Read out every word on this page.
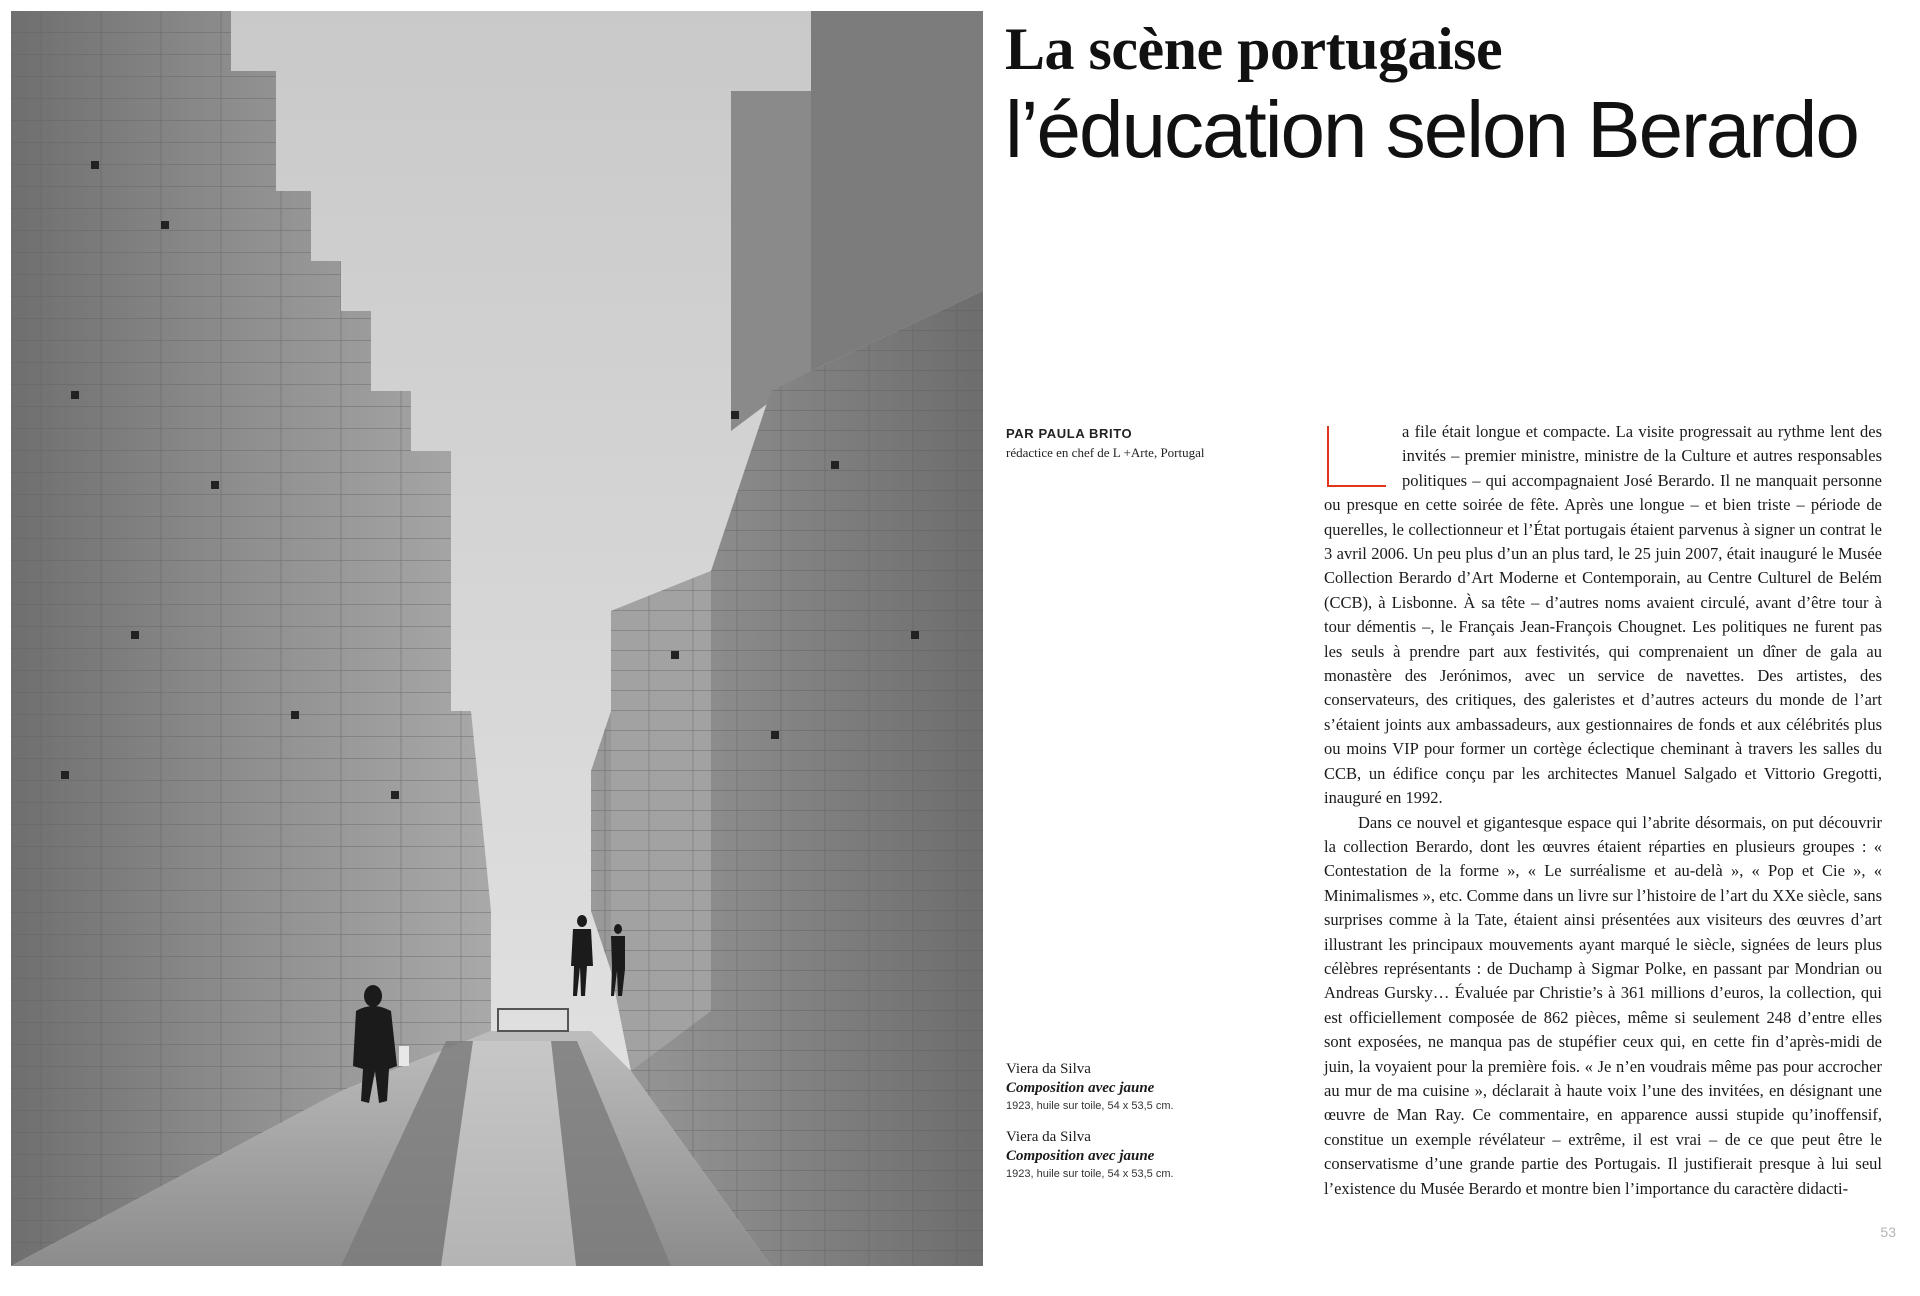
La scène portugaise
l’éducation selon Berardo
PAR PAULA BRITO
rédactice en chef de L +Arte, Portugal
Viera da Silva
Composition avec jaune
1923, huile sur toile, 54 x 53,5 cm.
Viera da Silva
Composition avec jaune
1923, huile sur toile, 54 x 53,5 cm.

a file était longue et compacte. La visite progressait au rythme lent des invités – premier ministre, ministre de la Culture et autres responsables politiques – qui accompagnaient José Berardo. Il ne manquait personne ou presque en cette soirée de fête. Après une longue – et bien triste – période de querelles, le collectionneur et l’État portugais étaient parvenus à signer un contrat le 3 avril 2006. Un peu plus d’un an plus tard, le 25 juin 2007, était inauguré le Musée Collection Berardo d’Art Moderne et Contemporain, au Centre Culturel de Belém (CCB), à Lisbonne. À sa tête – d’autres noms avaient circulé, avant d’être tour à tour démentis –, le Français Jean-François Chougnet. Les politiques ne furent pas les seuls à prendre part aux festivités, qui comprenaient un dîner de gala au monastère des Jerónimos, avec un service de navettes. Des artistes, des conservateurs, des critiques, des galeristes et d’autres acteurs du monde de l’art s’étaient joints aux ambassadeurs, aux gestionnaires de fonds et aux célébrités plus ou moins VIP pour former un cortège éclectique cheminant à travers les salles du CCB, un édifice conçu par les architectes Manuel Salgado et Vittorio Gregotti, inauguré en 1992.

Dans ce nouvel et gigantesque espace qui l’abrite désormais, on put découvrir la collection Berardo, dont les œuvres étaient réparties en plusieurs groupes : « Contestation de la forme », « Le surréalisme et au-delà », « Pop et Cie », « Minimalismes », etc. Comme dans un livre sur l’histoire de l’art du XXe siècle, sans surprises comme à la Tate, étaient ainsi présentées aux visiteurs des œuvres d’art illustrant les principaux mouvements ayant marqué le siècle, signées de leurs plus célèbres représentants : de Duchamp à Sigmar Polke, en passant par Mondrian ou Andreas Gursky… Évaluée par Christie’s à 361 millions d’euros, la collection, qui est officiellement composée de 862 pièces, même si seulement 248 d’entre elles sont exposées, ne manqua pas de stupéfier ceux qui, en cette fin d’après-midi de juin, la voyaient pour la première fois. « Je n’en voudrais même pas pour accrocher au mur de ma cuisine », déclarait à haute voix l’une des invitées, en désignant une œuvre de Man Ray. Ce commentaire, en apparence aussi stupide qu’inoffensif, constitue un exemple révélateur – extrême, il est vrai – de ce que peut être le conservatisme d’une grande partie des Portugais. Il justifierait presque à lui seul l’existence du Musée Berardo et montre bien l’importance du caractère didacti-

53
